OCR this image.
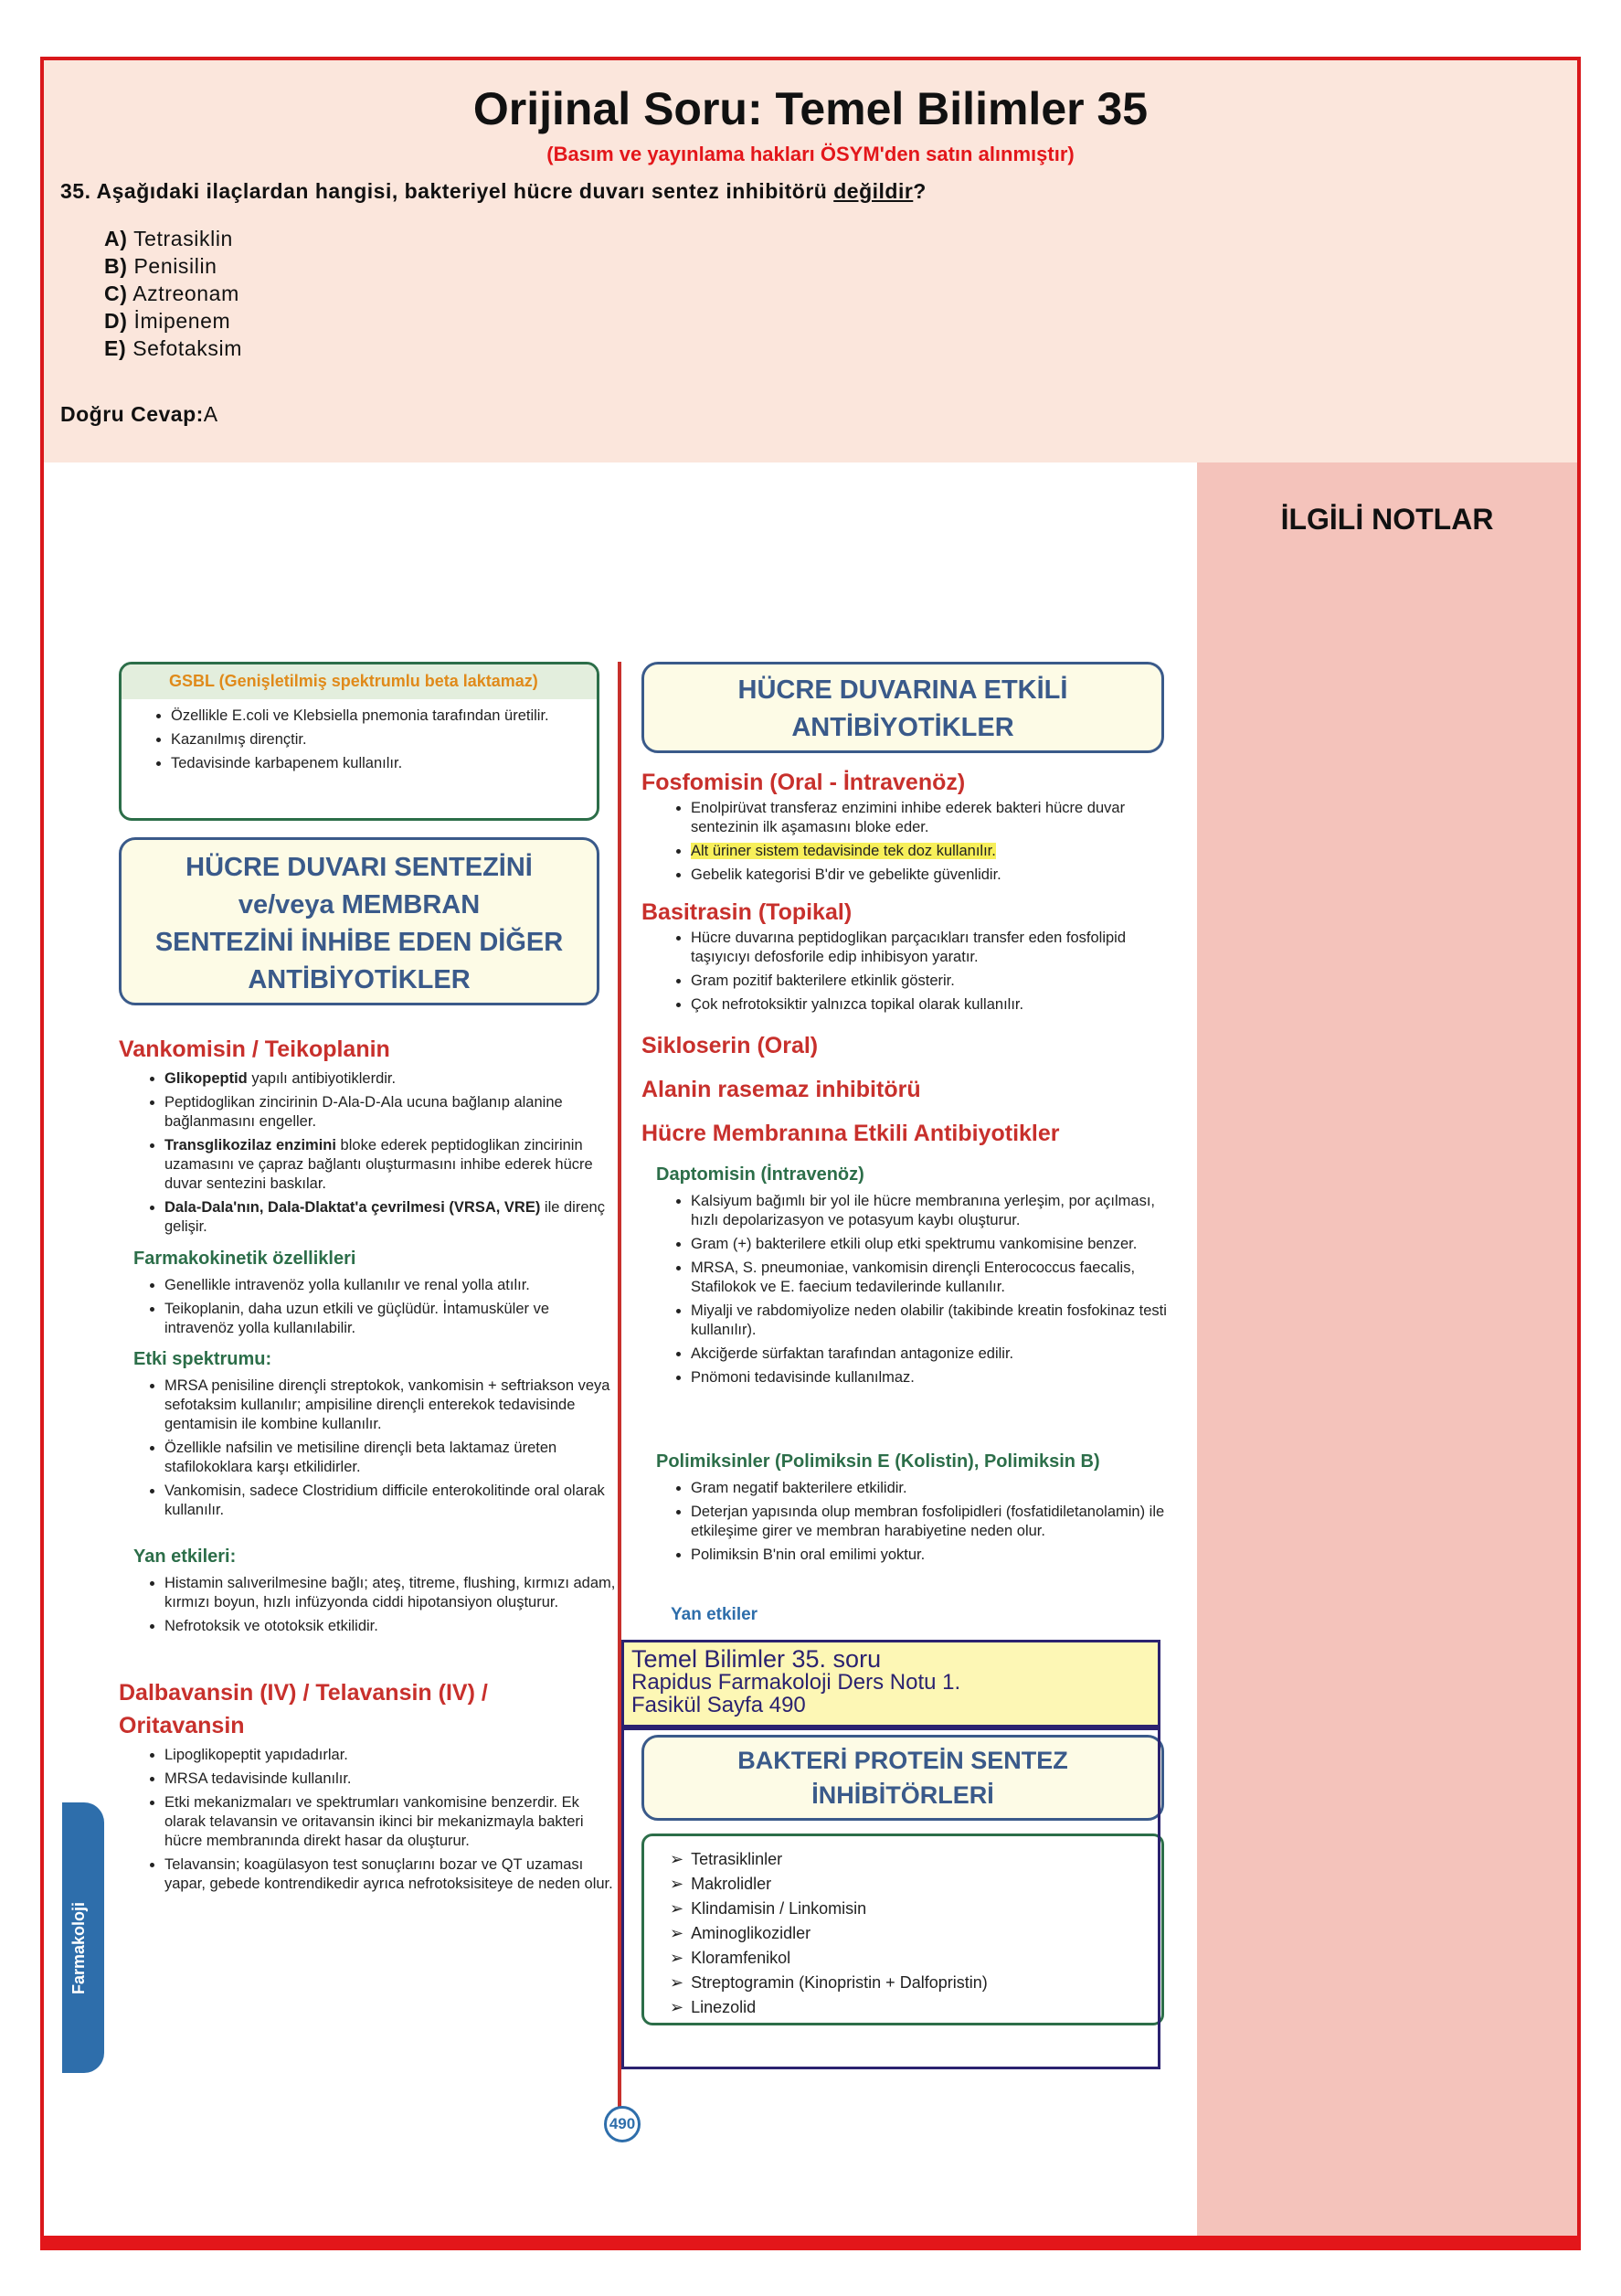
Orijinal Soru: Temel Bilimler 35
(Basım ve yayınlama hakları ÖSYM'den satın alınmıştır)
35. Aşağıdaki ilaçlardan hangisi, bakteriyel hücre duvarı sentez inhibitörü değildir?
A) Tetrasiklin
B) Penisilin
C) Aztreonam
D) İmipenem
E) Sefotaksim
Doğru Cevap:A
İLGİLİ NOTLAR
GSBL (Genişletilmiş spektrumlu beta laktamaz)
• Özellikle E.coli ve Klebsiella pnemonia tarafından üretilir.
• Kazanılmış dirençtir.
• Tedavisinde karbapenem kullanılır.
HÜCRE DUVARI SENTEZİNİ
ve/veya MEMBRAN
SENTEZİNİ İNHİBE EDEN DİĞER
ANTİBİYOTİKLER
Vankomisin / Teikoplanin
• Glikopeptid yapılı antibiyotiklerdir.
• Peptidoglikan zincirinin D-Ala-D-Ala ucuna bağlanıp alanine bağlanmasını engeller.
• Transglikozilaz enzimini bloke ederek peptidoglikan zincirinin uzamasını ve çapraz bağlantı oluşturmasını inhibe ederek hücre duvar sentezini baskılar.
• Dala-Dala'nın, Dala-Dlaktat'a çevrilmesi (VRSA, VRE) ile direnç gelişir.
Farmakokinetik özellikleri
• Genellikle intravenöz yolla kullanılır ve renal yolla atılır.
• Teikoplanin, daha uzun etkili ve güçlüdür. İntamusküler ve intravenöz yolla kullanılabilir.
Etki spektrumu:
• MRSA penisiline dirençli streptokok, vankomisin + seftriakson veya sefotaksim kullanılır; ampisiline dirençli enterekok tedavisinde gentamisin ile kombine kullanılır.
• Özellikle nafsilin ve metisiline dirençli beta laktamaz üreten stafilokoklara karşı etkilidirler.
• Vankomisin, sadece Clostridium difficile enterokolitinde oral olarak kullanılır.
Yan etkileri:
• Histamin salıverilmesine bağlı; ateş, titreme, flushing, kırmızı adam, kırmızı boyun, hızlı infüzyonda ciddi hipotansiyon oluşturur.
• Nefrotoksik ve ototoksik etkilidir.
Dalbavansin (IV) / Telavansin (IV) /
Oritavansin
• Lipoglikopeptit yapıdadırlar.
• MRSA tedavisinde kullanılır.
• Etki mekanizmaları ve spektrumları vankomisine benzerdir. Ek olarak telavansin ve oritavansin ikinci bir mekanizmayla bakteri hücre membranında direkt hasar da oluşturur.
• Telavansin; koagülasyon test sonuçlarını bozar ve QT uzaması yapar, gebede kontrendikedir ayrıca nefrotoksisiteye de neden olur.
Farmakoloji
HÜCRE DUVARINA ETKİLİ
ANTİBİYOTİKLER
Fosfomisin (Oral - İntravenöz)
• Enolpirüvat transferaz enzimini inhibe ederek bakteri hücre duvar sentezinin ilk aşamasını bloke eder.
• Alt üriner sistem tedavisinde tek doz kullanılır.
• Gebelik kategorisi B'dir ve gebelikte güvenlidir.
Basitrasin (Topikal)
• Hücre duvarına peptidoglikan parçacıkları transfer eden fosfolipid taşıyıcıyı defosforile edip inhibisyon yaratır.
• Gram pozitif bakterilere etkinlik gösterir.
• Çok nefrotoksiktir yalnızca topikal olarak kullanılır.
Sikloserin (Oral)
Alanin rasemaz inhibitörü
Hücre Membranına Etkili Antibiyotikler
Daptomisin (İntravenöz)
• Kalsiyum bağımlı bir yol ile hücre membranına yerleşim, por açılması, hızlı depolarizasyon ve potasyum kaybı oluşturur.
• Gram (+) bakterilere etkili olup etki spektrumu vankomisine benzer.
• MRSA, S. pneumoniae, vankomisin dirençli Enterococcus faecalis, Stafilokok ve E. faecium tedavilerinde kullanılır.
• Miyalji ve rabdomiyolize neden olabilir (takibinde kreatin fosfokinaz testi kullanılır).
• Akciğerde sürfaktan tarafından antagonize edilir.
• Pnömoni tedavisinde kullanılmaz.
Polimiksinler (Polimiksin E (Kolistin), Polimiksin B)
• Gram negatif bakterilere etkilidir.
• Deterjan yapısında olup membran fosfolipidleri (fosfatidiletanolamin) ile etkileşime girer ve membran harabiyetine neden olur.
• Polimiksin B'nin oral emilimi yoktur.
Yan etkiler
BAKTERİ PROTEİN SENTEZ
İNHİBİTÖRLERİ
➢ Tetrasiklinler
➢ Makrolidler
➢ Klindamisin / Linkomisin
➢ Aminoglikozidler
➢ Kloramfenikol
➢ Streptogramin (Kinopristin + Dalfopristin)
➢ Linezolid
Temel Bilimler 35. soru
Rapidus Farmakoloji Ders Notu 1.
Fasikül Sayfa 490
490
